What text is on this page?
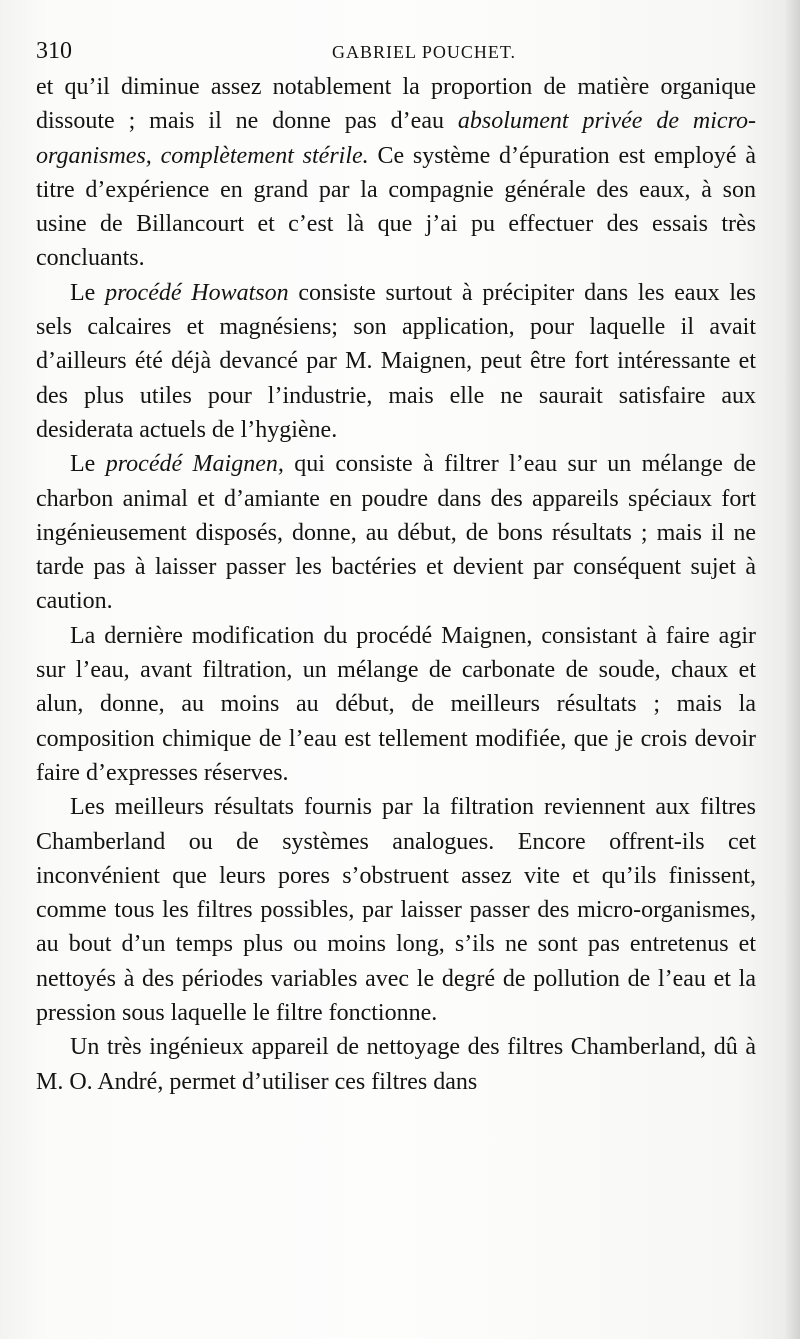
310	GABRIEL POUCHET.

et qu’il diminue assez notablement la proportion de matière organique dissoute ; mais il ne donne pas d’eau absolument privée de micro-organismes, complètement stérile. Ce système d’épuration est employé à titre d’expérience en grand par la compagnie générale des eaux, à son usine de Billancourt et c’est là que j’ai pu effectuer des essais très concluants.

Le procédé Howatson consiste surtout à précipiter dans les eaux les sels calcaires et magnésiens; son application, pour laquelle il avait d’ailleurs été déjà devancé par M. Maignen, peut être fort intéressante et des plus utiles pour l’industrie, mais elle ne saurait satisfaire aux desiderata actuels de l’hygiène.

Le procédé Maignen, qui consiste à filtrer l’eau sur un mélange de charbon animal et d’amiante en poudre dans des appareils spéciaux fort ingénieusement disposés, donne, au début, de bons résultats ; mais il ne tarde pas à laisser passer les bactéries et devient par conséquent sujet à caution.

La dernière modification du procédé Maignen, consistant à faire agir sur l’eau, avant filtration, un mélange de carbonate de soude, chaux et alun, donne, au moins au début, de meilleurs résultats ; mais la composition chimique de l’eau est tellement modifiée, que je crois devoir faire d’expresses réserves.

Les meilleurs résultats fournis par la filtration reviennent aux filtres Chamberland ou de systèmes analogues. Encore offrent-ils cet inconvénient que leurs pores s’obstruent assez vite et qu’ils finissent, comme tous les filtres possibles, par laisser passer des micro-organismes, au bout d’un temps plus ou moins long, s’ils ne sont pas entretenus et nettoyés à des périodes variables avec le degré de pollution de l’eau et la pression sous laquelle le filtre fonctionne.

Un très ingénieux appareil de nettoyage des filtres Chamberland, dû à M. O. André, permet d’utiliser ces filtres dans
